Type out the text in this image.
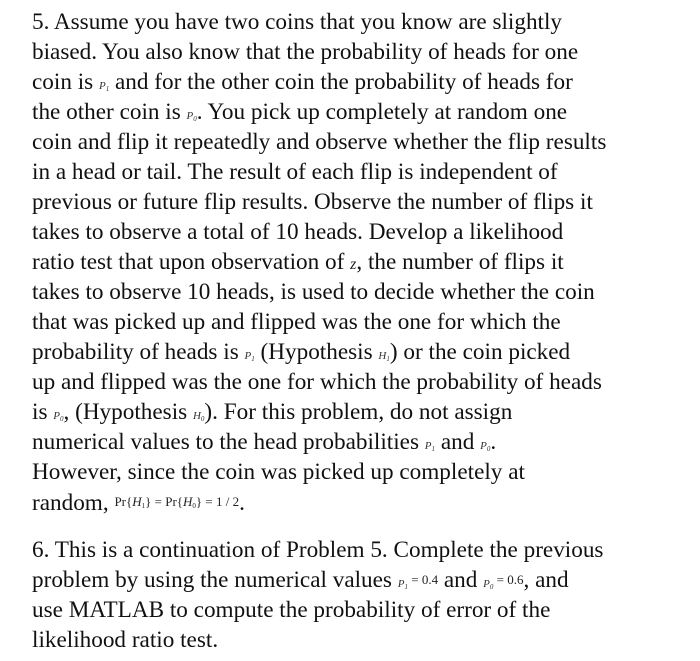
5. Assume you have two coins that you know are slightly
biased. You also know that the probability of heads for one
coin is $P_1$ and for the other coin the probability of heads for
the other coin is $P_0$. You pick up completely at random one
coin and flip it repeatedly and observe whether the flip results
in a head or tail. The result of each flip is independent of
previous or future flip results. Observe the number of flips it
takes to observe a total of 10 heads. Develop a likelihood
ratio test that upon observation of z, the number of flips it
takes to observe 10 heads, is used to decide whether the coin
that was picked up and flipped was the one for which the
probability of heads is $P_1$ (Hypothesis $H_1$) or the coin picked
up and flipped was the one for which the probability of heads
is $P_0$, (Hypothesis $H_0$). For this problem, do not assign
numerical values to the head probabilities $P_1$ and $P_0$.
However, since the coin was picked up completely at
random, $Pr\{H_1\} = Pr\{H_0\} = 1 / 2$.
6. This is a continuation of Problem 5. Complete the previous
problem by using the numerical values $P_1 = 0.4$ and $P_0 = 0.6$, and
use MATLAB to compute the probability of error of the
likelihood ratio test.
